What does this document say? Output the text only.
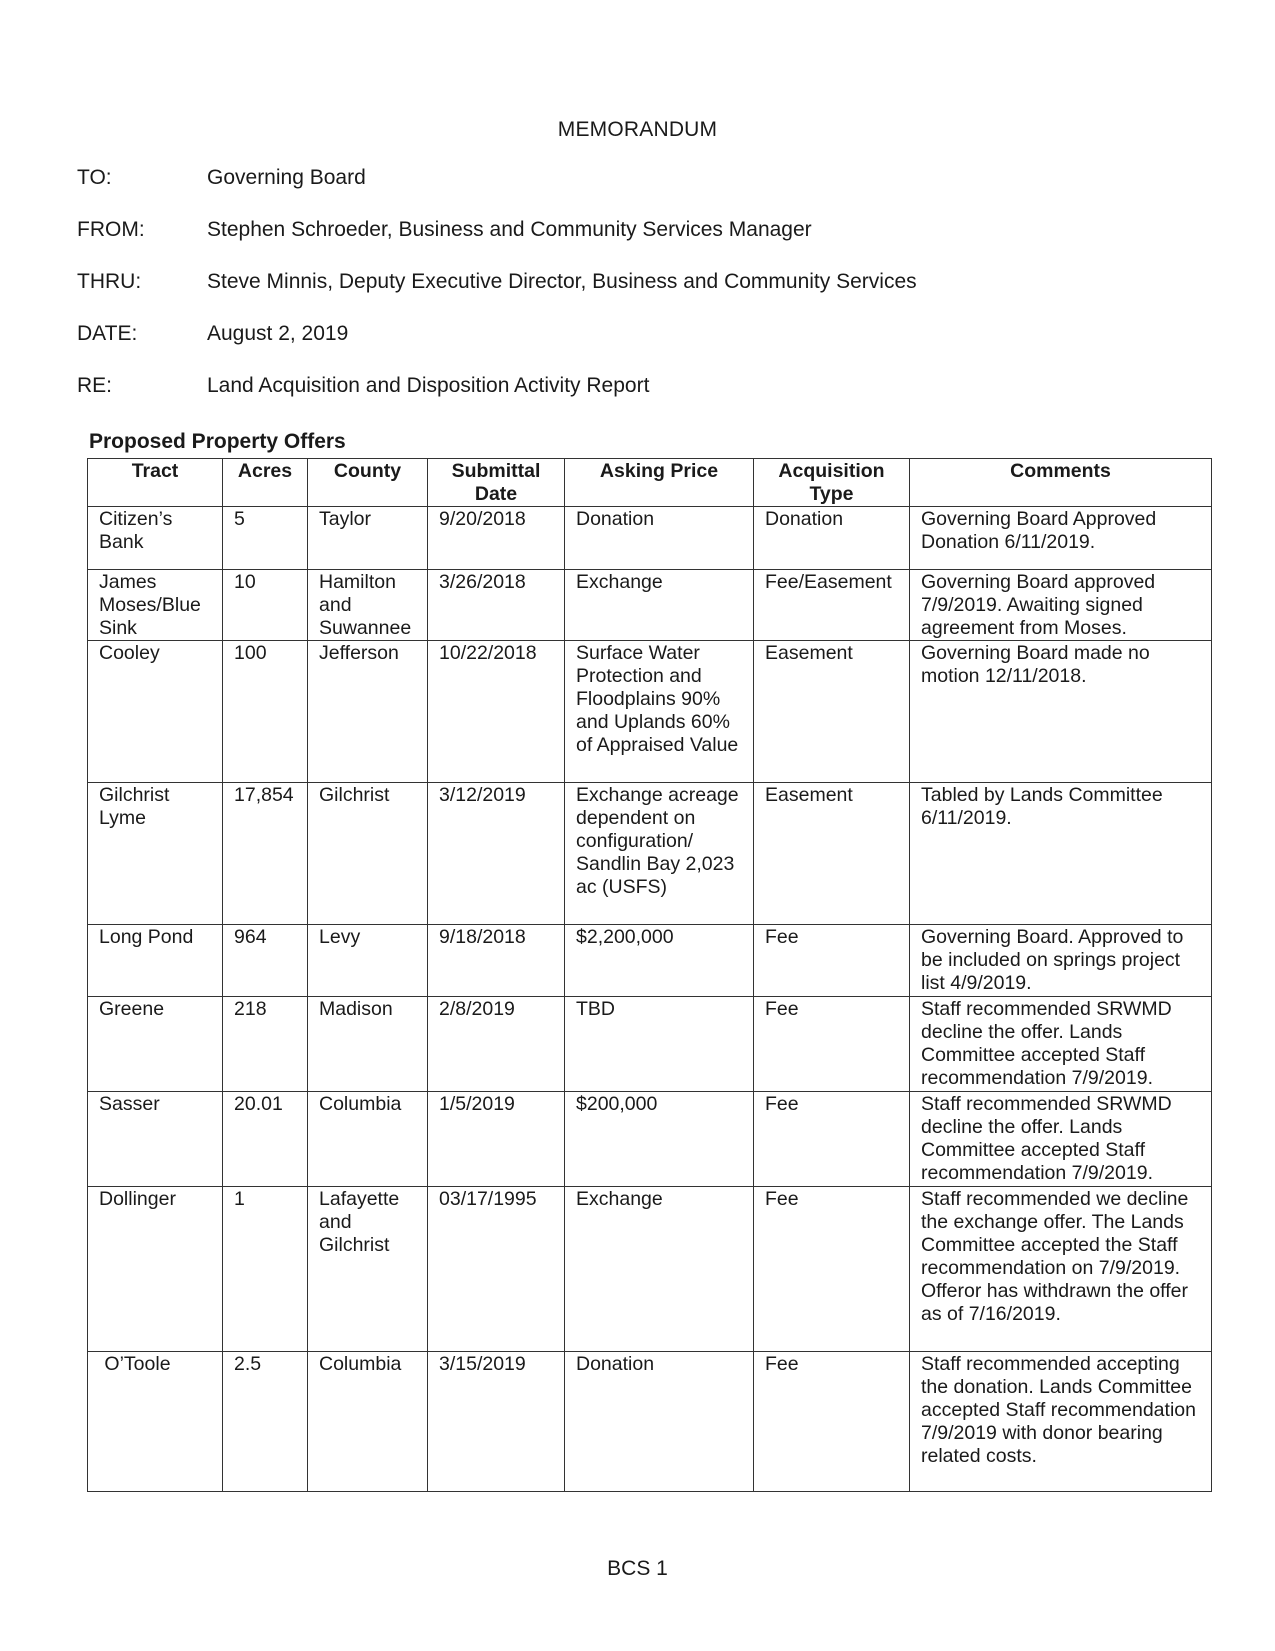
MEMORANDUM
TO:	Governing Board
FROM:	Stephen Schroeder, Business and Community Services Manager
THRU:	Steve Minnis, Deputy Executive Director, Business and Community Services
DATE:	August 2, 2019
RE:	Land Acquisition and Disposition Activity Report
Proposed Property Offers
Tract	Acres	County	Submittal Date	Asking Price	Acquisition Type	Comments
Citizen’s Bank	5	Taylor	9/20/2018	Donation	Donation	Governing Board Approved Donation 6/11/2019.
James Moses/Blue Sink	10	Hamilton and Suwannee	3/26/2018	Exchange	Fee/Easement	Governing Board approved 7/9/2019. Awaiting signed agreement from Moses.
Cooley	100	Jefferson	10/22/2018	Surface Water Protection and Floodplains 90% and Uplands 60% of Appraised Value	Easement	Governing Board made no motion 12/11/2018.
Gilchrist Lyme	17,854	Gilchrist	3/12/2019	Exchange acreage dependent on configuration/ Sandlin Bay 2,023 ac (USFS)	Easement	Tabled by Lands Committee 6/11/2019.
Long Pond	964	Levy	9/18/2018	$2,200,000	Fee	Governing Board. Approved to be included on springs project list 4/9/2019.
Greene	218	Madison	2/8/2019	TBD	Fee	Staff recommended SRWMD decline the offer. Lands Committee accepted Staff recommendation 7/9/2019.
Sasser	20.01	Columbia	1/5/2019	$200,000	Fee	Staff recommended SRWMD decline the offer. Lands Committee accepted Staff recommendation 7/9/2019.
Dollinger	1	Lafayette and Gilchrist	03/17/1995	Exchange	Fee	Staff recommended we decline the exchange offer. The Lands Committee accepted the Staff recommendation on 7/9/2019. Offeror has withdrawn the offer as of 7/16/2019.
O’Toole	2.5	Columbia	3/15/2019	Donation	Fee	Staff recommended accepting the donation. Lands Committee accepted Staff recommendation 7/9/2019 with donor bearing related costs.
BCS 1
